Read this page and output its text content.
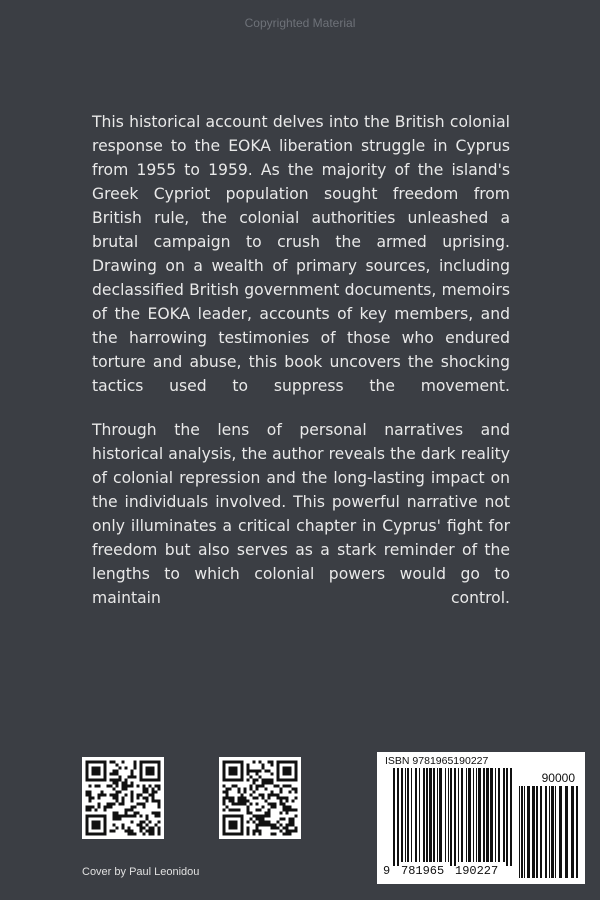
Copyrighted Material

This historical account delves into the British colonial response to the EOKA liberation struggle in Cyprus from 1955 to 1959. As the majority of the island's Greek Cypriot population sought freedom from British rule, the colonial authorities unleashed a brutal campaign to crush the armed uprising. Drawing on a wealth of primary sources, including declassified British government documents, memoirs of the EOKA leader, accounts of key members, and the harrowing testimonies of those who endured torture and abuse, this book uncovers the shocking tactics used to suppress the movement.

Through the lens of personal narratives and historical analysis, the author reveals the dark reality of colonial repression and the long-lasting impact on the individuals involved. This powerful narrative not only illuminates a critical chapter in Cyprus' fight for freedom but also serves as a stark reminder of the lengths to which colonial powers would go to maintain control.

Cover by Paul Leonidou
ISBN 9781965190227
90000
9 781965 190227
